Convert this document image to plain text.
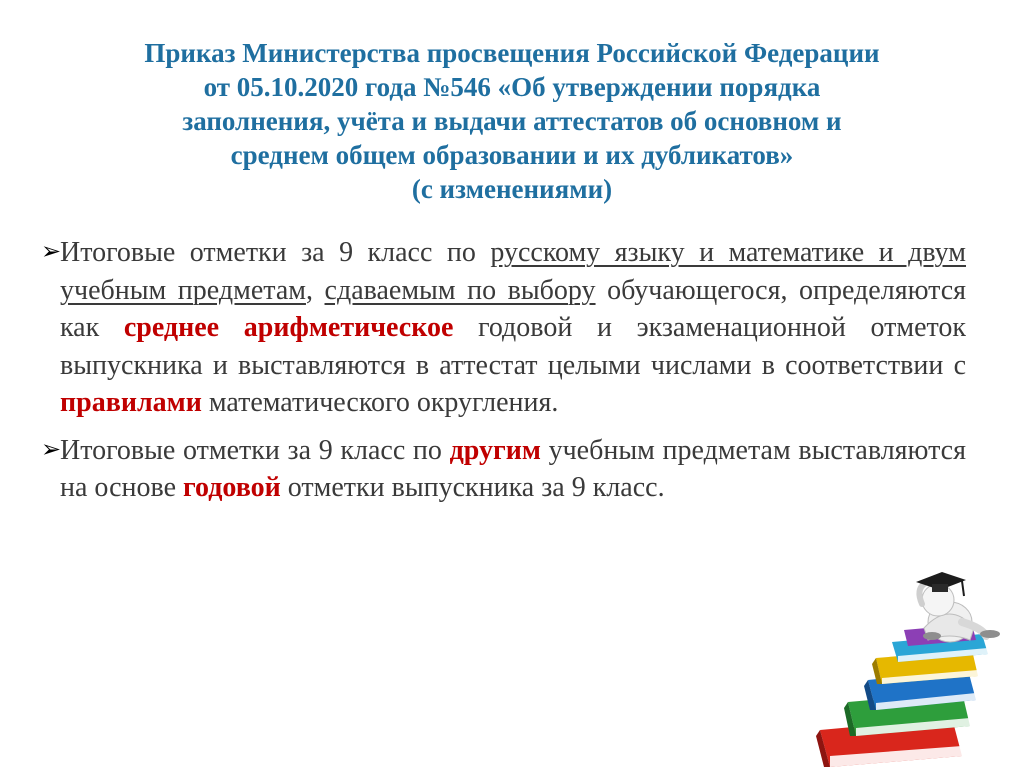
Приказ Министерства просвещения Российской Федерации
от 05.10.2020 года №546 «Об утверждении порядка
заполнения, учёта и выдачи аттестатов об основном и
среднем общем образовании и их дубликатов»
(с изменениями)
➢
Итоговые отметки за 9 класс по русскому языку и математике и двум учебным предметам, сдаваемым по выбору обучающегося, определяются как среднее арифметическое годовой и экзаменационной отметок выпускника и выставляются в аттестат целыми числами в соответствии с правилами математического округления.
➢
Итоговые отметки за 9 класс по другим учебным предметам выставляются на основе годовой отметки выпускника за 9 класс.
